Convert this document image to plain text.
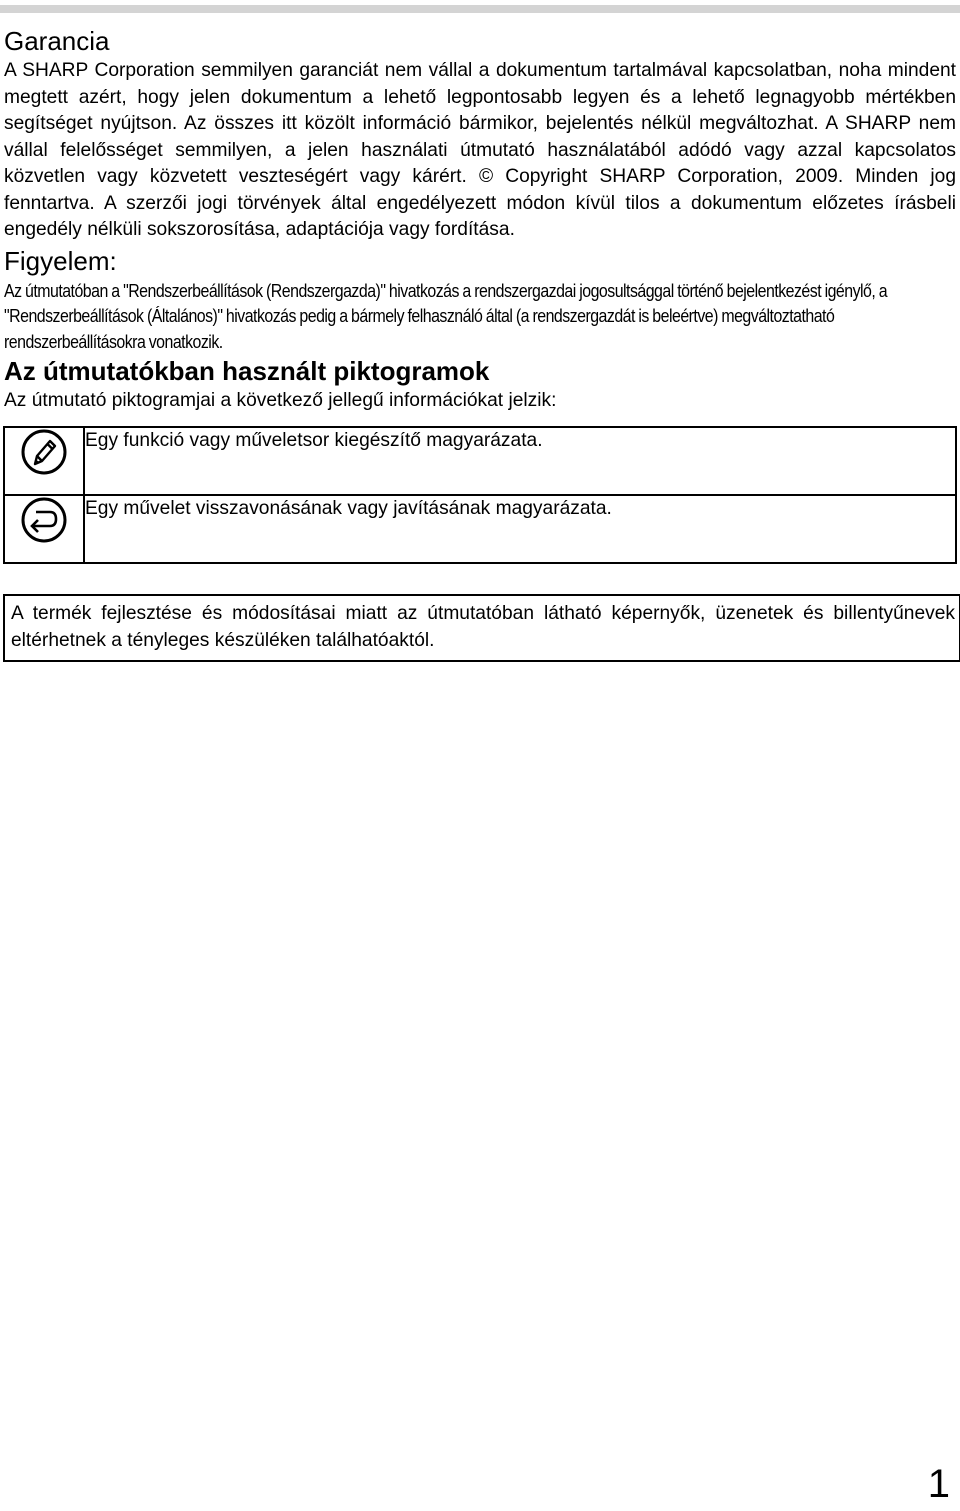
Garancia

A SHARP Corporation semmilyen garanciát nem vállal a dokumentum tartalmával kapcsolatban, noha mindent megtett azért, hogy jelen dokumentum a lehető legpontosabb legyen és a lehető legnagyobb mértékben segítséget nyújtson. Az összes itt közölt információ bármikor, bejelentés nélkül megváltozhat. A SHARP nem vállal felelősséget semmilyen, a jelen használati útmutató használatából adódó vagy azzal kapcsolatos közvetlen vagy közvetett veszteségért vagy kárért. © Copyright SHARP Corporation, 2009. Minden jog fenntartva. A szerzői jogi törvények által engedélyezett módon kívül tilos a dokumentum előzetes írásbeli engedély nélküli sokszorosítása, adaptációja vagy fordítása.

Figyelem:

Az útmutatóban a "Rendszerbeállítások (Rendszergazda)" hivatkozás a rendszergazdai jogosultsággal történő bejelentkezést igénylő, a "Rendszerbeállítások (Általános)" hivatkozás pedig a bármely felhasználó által (a rendszergazdát is beleértve) megváltoztatható rendszerbeállításokra vonatkozik.

Az útmutatókban használt piktogramok

Az útmutató piktogramjai a következő jellegű információkat jelzik:

	Egy funkció vagy műveletsor kiegészítő magyarázata.

	Egy művelet visszavonásának vagy javításának magyarázata.
A termék fejlesztése és módosításai miatt az útmutatóban látható képernyők, üzenetek és billentyűnevek eltérhetnek a tényleges készüléken találhatóaktól.
1
